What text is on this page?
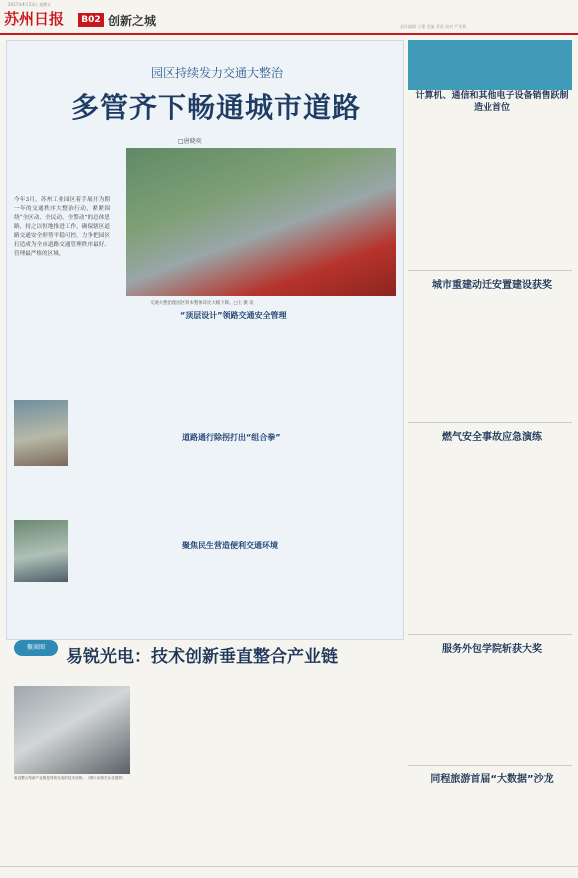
2017年4月23日 星期五
苏州日报	B02 创新之城	责任编辑 小董 美编 蔡晨 校对 严亚莉
园区持续发力交通大整治
多管齐下畅通城市道路
□唐晓奕
今年3月，苏州工业园区着手展开为期一年的交通秩序大整治行动，紧紧围绕“全区动、全民动、全警动”的总体思路，持之以恒地推进工作，确保辖区道路交通安全形势平稳可控，力争把园区打造成为全市道路交通管理秩序最好、管理最严格的区域。
交通大整治使园区样本整体环比大幅下降。□王 摄 讯
“顶层设计”领路交通安全管理
道路通行除拐打出“组合拳”
聚焦民生营造便利交通环境
聚商圈	易锐光电：技术创新垂直整合产业链
垂直整合型新产业链是易锐光电的技术优势。（图片由相关企业提供）
计算机、通信和其他电子设备销售跃制造业首位
城市重建动迁安置建设获奖
燃气安全事故应急演练
服务外包学院斩获大奖
同程旅游首届“大数据”沙龙
